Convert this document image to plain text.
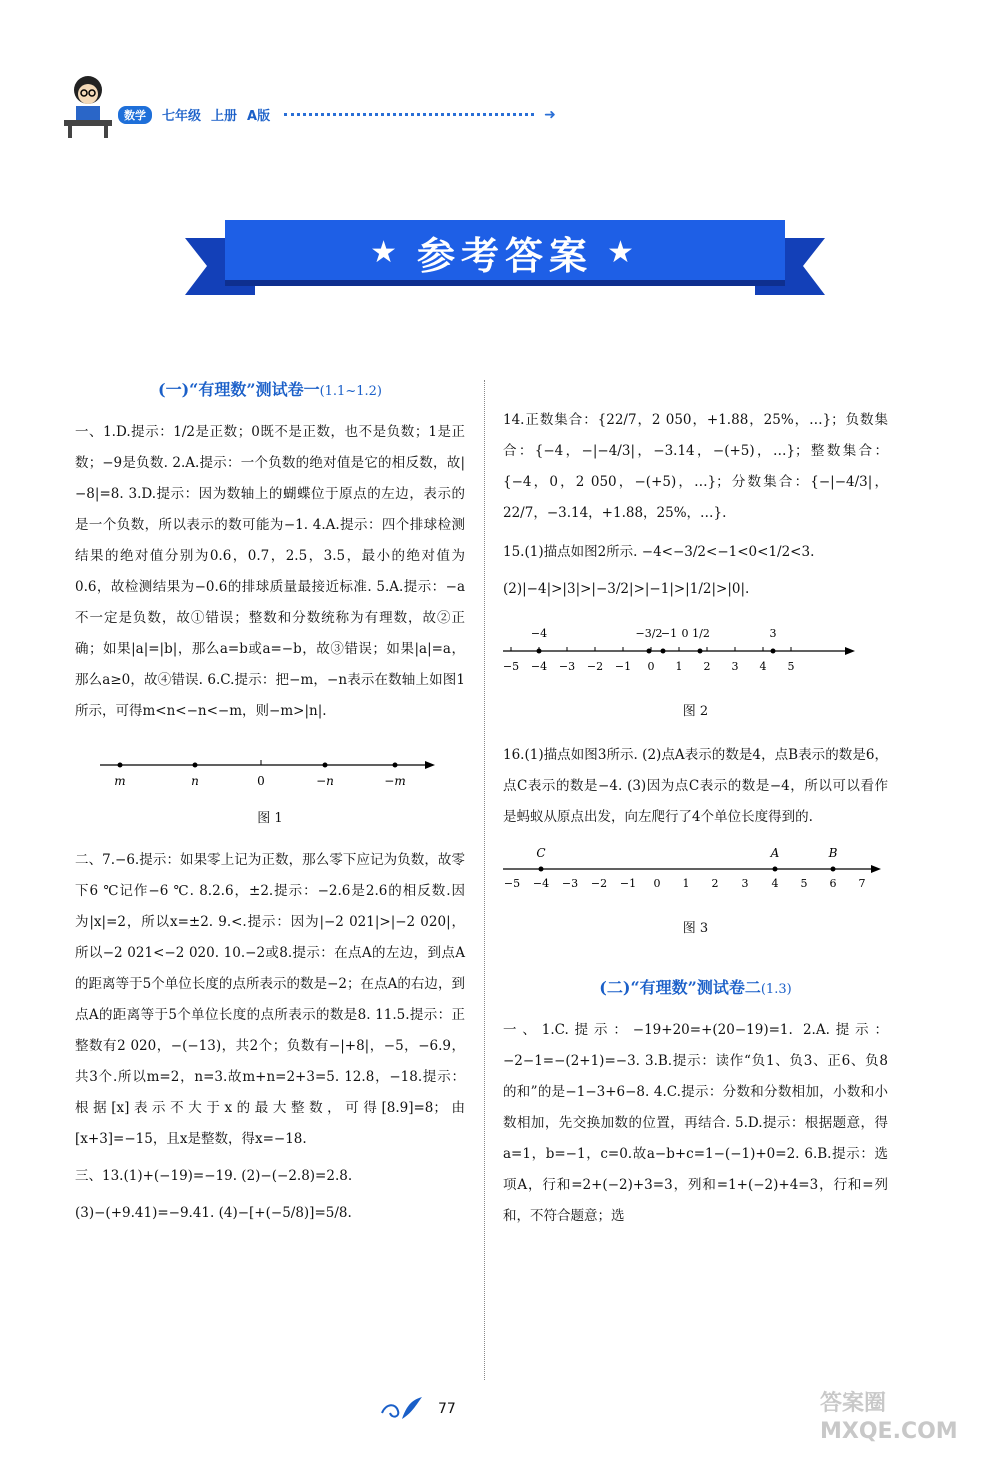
数学	七年级 上册 A版	➜
★ 参考答案 ★
(一)“有理数”测试卷一(1.1~1.2)

一、1.D.提示：1/2是正数；0既不是正数，也不是负数；1是正数；−9是负数. 2.A.提示：一个负数的绝对值是它的相反数，故|−8|=8. 3.D.提示：因为数轴上的蝴蝶位于原点的左边，表示的是一个负数，所以表示的数可能为−1. 4.A.提示：四个排球检测结果的绝对值分别为0.6，0.7，2.5，3.5，最小的绝对值为0.6，故检测结果为−0.6的排球质量最接近标准. 5.A.提示：−a不一定是负数，故①错误；整数和分数统称为有理数，故②正确；如果|a|=|b|，那么a=b或a=−b，故③错误；如果|a|=a，那么a≥0，故④错误. 6.C.提示：把−m，−n表示在数轴上如图1所示，可得m<n<−n<−m，则−m>|n|.

m	n	0	−n	−m
图 1

二、7.−6.提示：如果零上记为正数，那么零下应记为负数，故零下6 ℃记作−6 ℃. 8.2.6，±2.提示：−2.6是2.6的相反数.因为|x|=2，所以x=±2. 9.<.提示：因为|−2 021|>|−2 020|，所以−2 021<−2 020. 10.−2或8.提示：在点A的左边，到点A的距离等于5个单位长度的点所表示的数是−2；在点A的右边，到点A的距离等于5个单位长度的点所表示的数是8. 11.5.提示：正整数有2 020，−(−13)，共2个；负数有−|+8|，−5，−6.9，共3个.所以m=2，n=3.故m+n=2+3=5. 12.8，−18.提示：根据[x]表示不大于x的最大整数，可得[8.9]=8；由[x+3]=−15，且x是整数，得x=−18.

三、13.(1)+(−19)=−19. (2)−(−2.8)=2.8.

(3)−(+9.41)=−9.41. (4)−[+(−5/8)]=5/8.

14.正数集合：{22/7，2 050，+1.88，25%，…}；负数集合：{−4，−|−4/3|，−3.14，−(+5)，…}；整数集合：{−4，0，2 050，−(+5)，…}；分数集合：{−|−4/3|，22/7，−3.14，+1.88，25%，…}.

15.(1)描点如图2所示. −4<−3/2<−1<0<1/2<3.

(2)|−4|>|3|>|−3/2|>|−1|>|1/2|>|0|.

−4	−3/2
−1 0 1/2	3
−5 −4 −3 −2 −1 0 1 2 3 4 5
图 2

16.(1)描点如图3所示. (2)点A表示的数是4，点B表示的数是6，点C表示的数是−4. (3)因为点C表示的数是−4，所以可以看作是蚂蚁从原点出发，向左爬行了4个单位长度得到的.

C	A	B
−5 −4 −3 −2 −1 0 1 2 3 4 5 6 7
图 3
(二)“有理数”测试卷二(1.3)

一、1.C.提示：−19+20=+(20−19)=1. 2.A.提示：−2−1=−(2+1)=−3. 3.B.提示：读作“负1、负3、正6、负8的和”的是−1−3+6−8. 4.C.提示：分数和分数相加，小数和小数相加，先交换加数的位置，再结合. 5.D.提示：根据题意，得a=1，b=−1，c=0.故a−b+c=1−(−1)+0=2. 6.B.提示：选项A，行和=2+(−2)+3=3，列和=1+(−2)+4=3，行和=列和，不符合题意；选

77	答案圈
MXQE.COM
